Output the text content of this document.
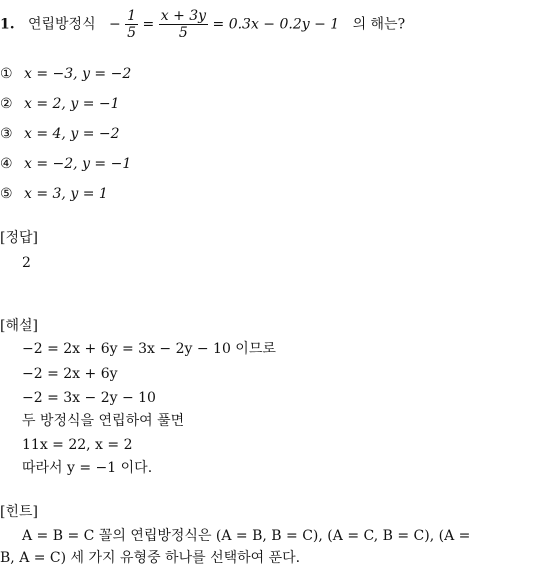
1. 연립방정식 − $\frac{1}{5} = \frac{x + 3y}{5} = 0.3x - 0.2y - 1$ 의 해는?
① x = −3, y = −2
② x = 2, y = −1
③ x = 4, y = −2
④ x = −2, y = −1
⑤ x = 3, y = 1
[정답]
2
[해설]
−2 = 2x + 6y = 3x − 2y − 10 이므로
−2 = 2x + 6y
−2 = 3x − 2y − 10
두 방정식을 연립하여 풀면
11x = 22, x = 2
따라서 y = −1 이다.
[힌트]
A = B = C 꼴의 연립방정식은 (A = B, B = C), (A = C, B = C), (A =
B, A = C) 세 가지 유형중 하나를 선택하여 푼다.
